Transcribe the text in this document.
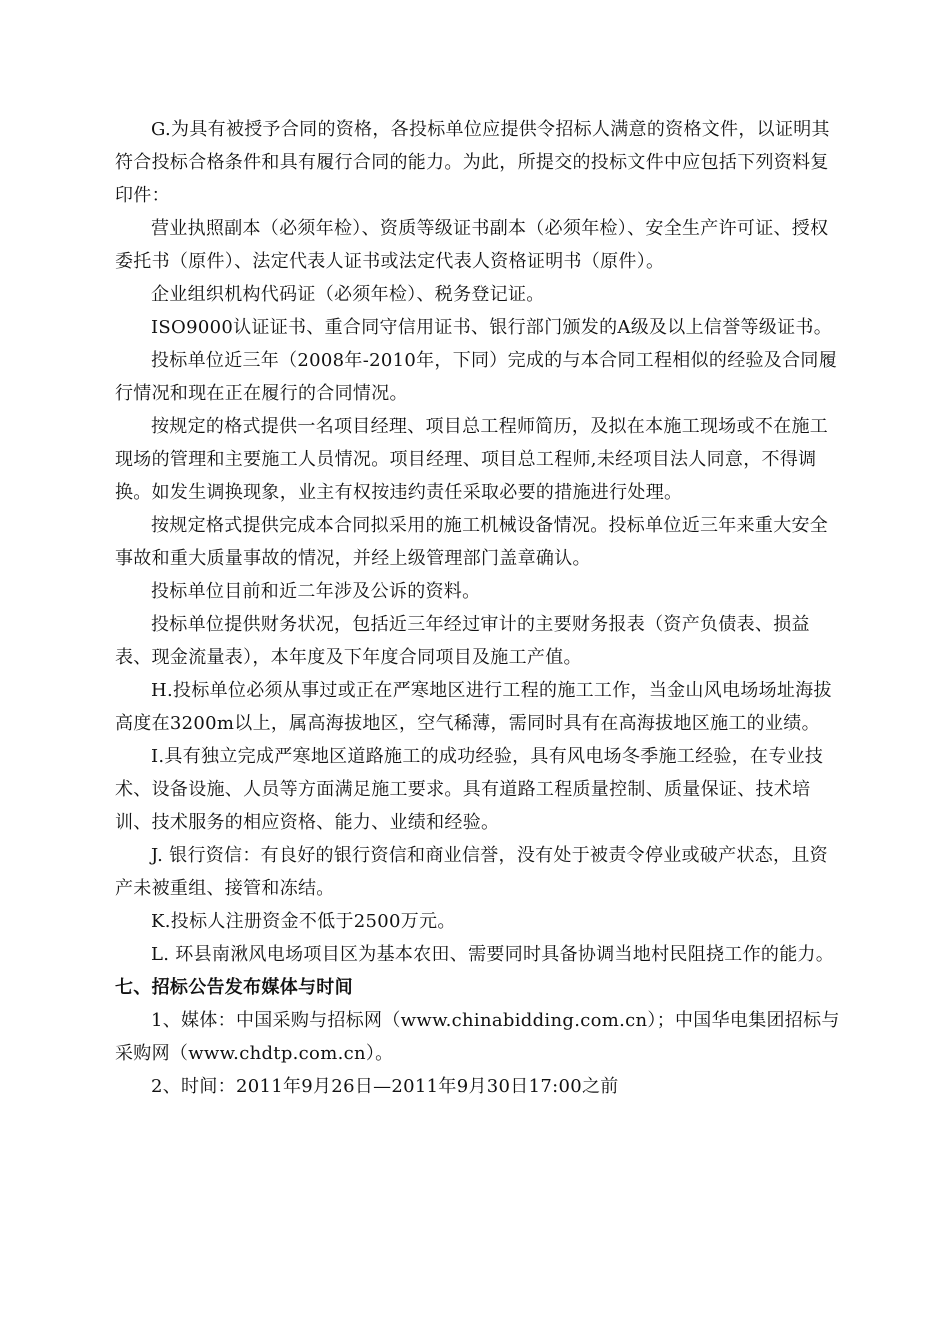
G.为具有被授予合同的资格，各投标单位应提供令招标人满意的资格文件，以证明其符合投标合格条件和具有履行合同的能力。为此，所提交的投标文件中应包括下列资料复印件：

营业执照副本（必须年检）、资质等级证书副本（必须年检）、安全生产许可证、授权委托书（原件）、法定代表人证书或法定代表人资格证明书（原件）。

企业组织机构代码证（必须年检）、税务登记证。

ISO9000认证证书、重合同守信用证书、银行部门颁发的A级及以上信誉等级证书。

投标单位近三年（2008年-2010年，下同）完成的与本合同工程相似的经验及合同履行情况和现在正在履行的合同情况。

按规定的格式提供一名项目经理、项目总工程师简历，及拟在本施工现场或不在施工现场的管理和主要施工人员情况。项目经理、项目总工程师,未经项目法人同意，不得调换。如发生调换现象，业主有权按违约责任采取必要的措施进行处理。

按规定格式提供完成本合同拟采用的施工机械设备情况。投标单位近三年来重大安全事故和重大质量事故的情况，并经上级管理部门盖章确认。

投标单位目前和近二年涉及公诉的资料。

投标单位提供财务状况，包括近三年经过审计的主要财务报表（资产负债表、损益表、现金流量表），本年度及下年度合同项目及施工产值。

H.投标单位必须从事过或正在严寒地区进行工程的施工工作，当金山风电场场址海拔高度在3200m以上，属高海拔地区，空气稀薄，需同时具有在高海拔地区施工的业绩。

I.具有独立完成严寒地区道路施工的成功经验，具有风电场冬季施工经验，在专业技术、设备设施、人员等方面满足施工要求。具有道路工程质量控制、质量保证、技术培训、技术服务的相应资格、能力、业绩和经验。

J. 银行资信：有良好的银行资信和商业信誉，没有处于被责令停业或破产状态，且资产未被重组、接管和冻结。

K.投标人注册资金不低于2500万元。

L. 环县南湫风电场项目区为基本农田、需要同时具备协调当地村民阻挠工作的能力。

七、招标公告发布媒体与时间

1、媒体：中国采购与招标网（www.chinabidding.com.cn）；中国华电集团招标与采购网（www.chdtp.com.cn）。

2、时间：2011年9月26日—2011年9月30日17:00之前
